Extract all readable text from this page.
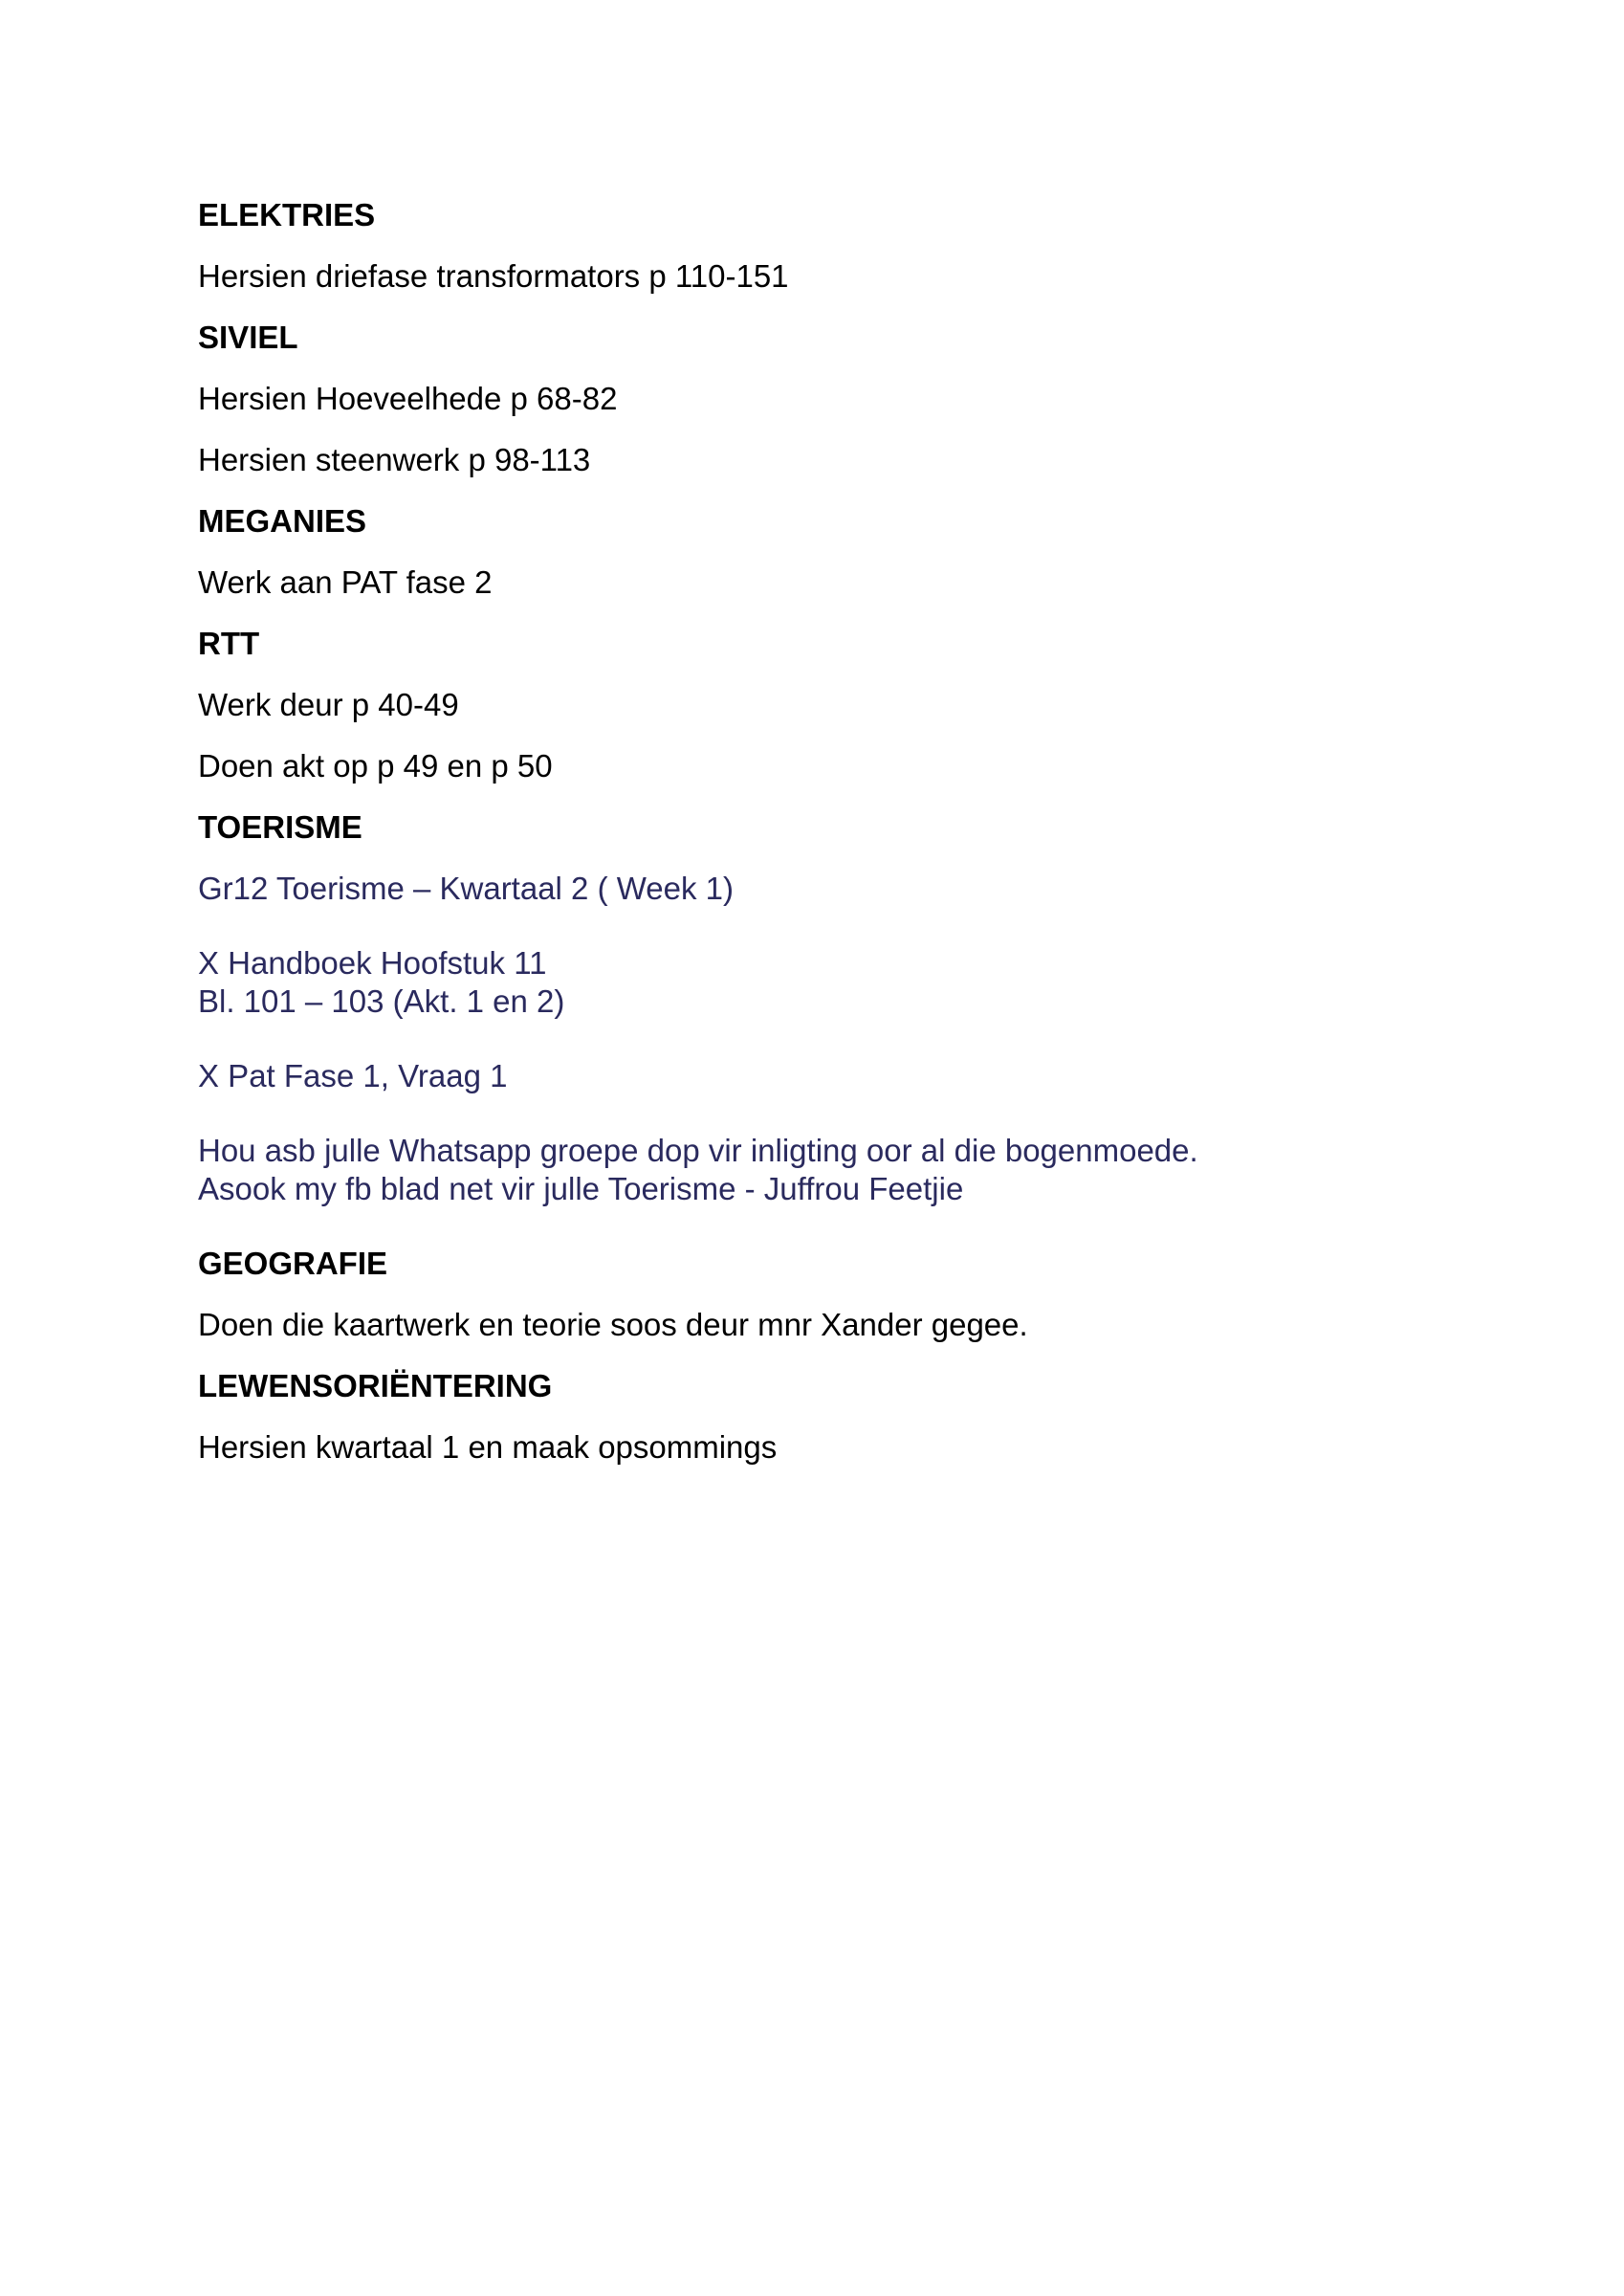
ELEKTRIES
Hersien driefase transformators p 110-151
SIVIEL
Hersien Hoeveelhede p 68-82
Hersien steenwerk p 98-113
MEGANIES
Werk aan PAT fase 2
RTT
Werk deur p 40-49
Doen akt op p 49 en p 50
TOERISME
Gr12 Toerisme – Kwartaal 2 ( Week 1)
X Handboek Hoofstuk 11
Bl. 101 – 103 (Akt. 1 en 2)
X Pat Fase 1, Vraag 1
Hou asb julle Whatsapp groepe dop vir inligting oor al die bogenmoede.
Asook my fb blad net vir julle Toerisme - Juffrou Feetjie
GEOGRAFIE
Doen die kaartwerk en teorie soos deur mnr Xander gegee.
LEWENSORIËNTERING
Hersien kwartaal 1 en maak opsommings
